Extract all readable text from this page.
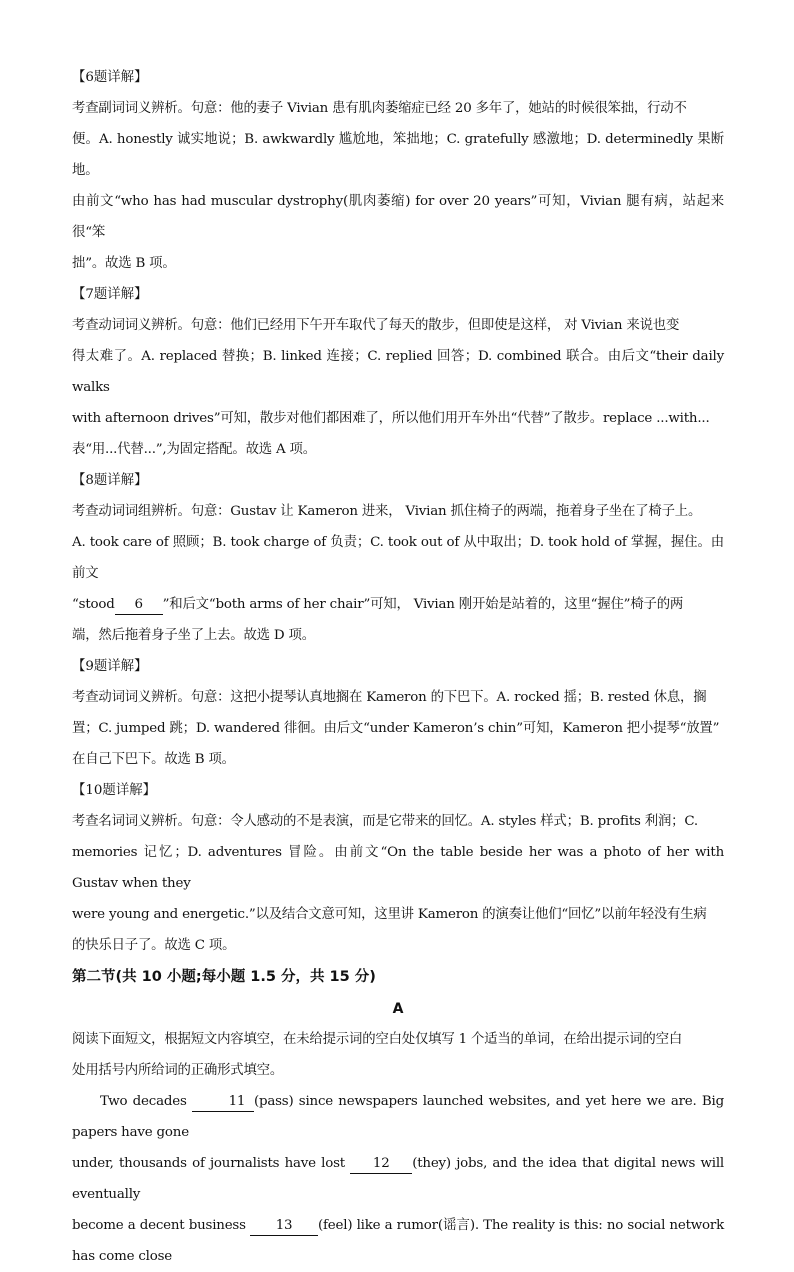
【6题详解】

考查副词词义辨析。句意：他的妻子 Vivian 患有肌肉萎缩症已经 20 多年了，她站的时候很笨拙，行动不

便。A. honestly 诚实地说；B. awkwardly 尴尬地，笨拙地；C. gratefully 感激地；D. determinedly 果断地。

由前文“who has had muscular dystrophy(肌肉萎缩) for over 20 years”可知，Vivian 腿有病，站起来很“笨

拙”。故选 B 项。

【7题详解】

考查动词词义辨析。句意：他们已经用下午开车取代了每天的散步，但即使是这样， 对 Vivian 来说也变

得太难了。A. replaced 替换；B. linked 连接；C. replied 回答；D. combined 联合。由后文“their daily walks

with afternoon drives”可知，散步对他们都困难了，所以他们用开车外出“代替”了散步。replace ...with...

表“用...代替...”,为固定搭配。故选 A 项。

【8题详解】

考查动词词组辨析。句意：Gustav 让 Kameron 进来， Vivian 抓住椅子的两端，拖着身子坐在了椅子上。

A. took care of 照顾；B. took charge of 负责；C. took out of 从中取出；D. took hold of 掌握，握住。由前文

“stood 6 ”和后文“both arms of her chair”可知， Vivian 刚开始是站着的，这里“握住”椅子的两

端，然后拖着身子坐了上去。故选 D 项。

【9题详解】

考查动词词义辨析。句意：这把小提琴认真地搁在 Kameron 的下巴下。A. rocked 摇；B. rested 休息，搁

置；C. jumped 跳；D. wandered 徘徊。由后文“under Kameron’s chin”可知，Kameron 把小提琴“放置”

在自己下巴下。故选 B 项。

【10题详解】

考查名词词义辨析。句意：令人感动的不是表演，而是它带来的回忆。A. styles 样式；B. profits 利润；C.

memories 记忆；D. adventures 冒险。由前文“On the table beside her was a photo of her with Gustav when they

were young and energetic.”以及结合文意可知，这里讲 Kameron 的演奏让他们“回忆”以前年轻没有生病

的快乐日子了。故选 C 项。

第二节(共 10 小题;每小题 1.5 分，共 15 分)

A

阅读下面短文，根据短文内容填空，在未给提示词的空白处仅填写 1 个适当的单词，在给出提示词的空白

处用括号内所给词的正确形式填空。

Two decades	11 (pass) since newspapers launched websites, and yet here we are. Big papers have gone

under, thousands of journalists have lost 12 (they) jobs, and the idea that digital news will eventually

become a decent business 13 (feel) like a rumor(谣言). The reality is this: no social network has come close
